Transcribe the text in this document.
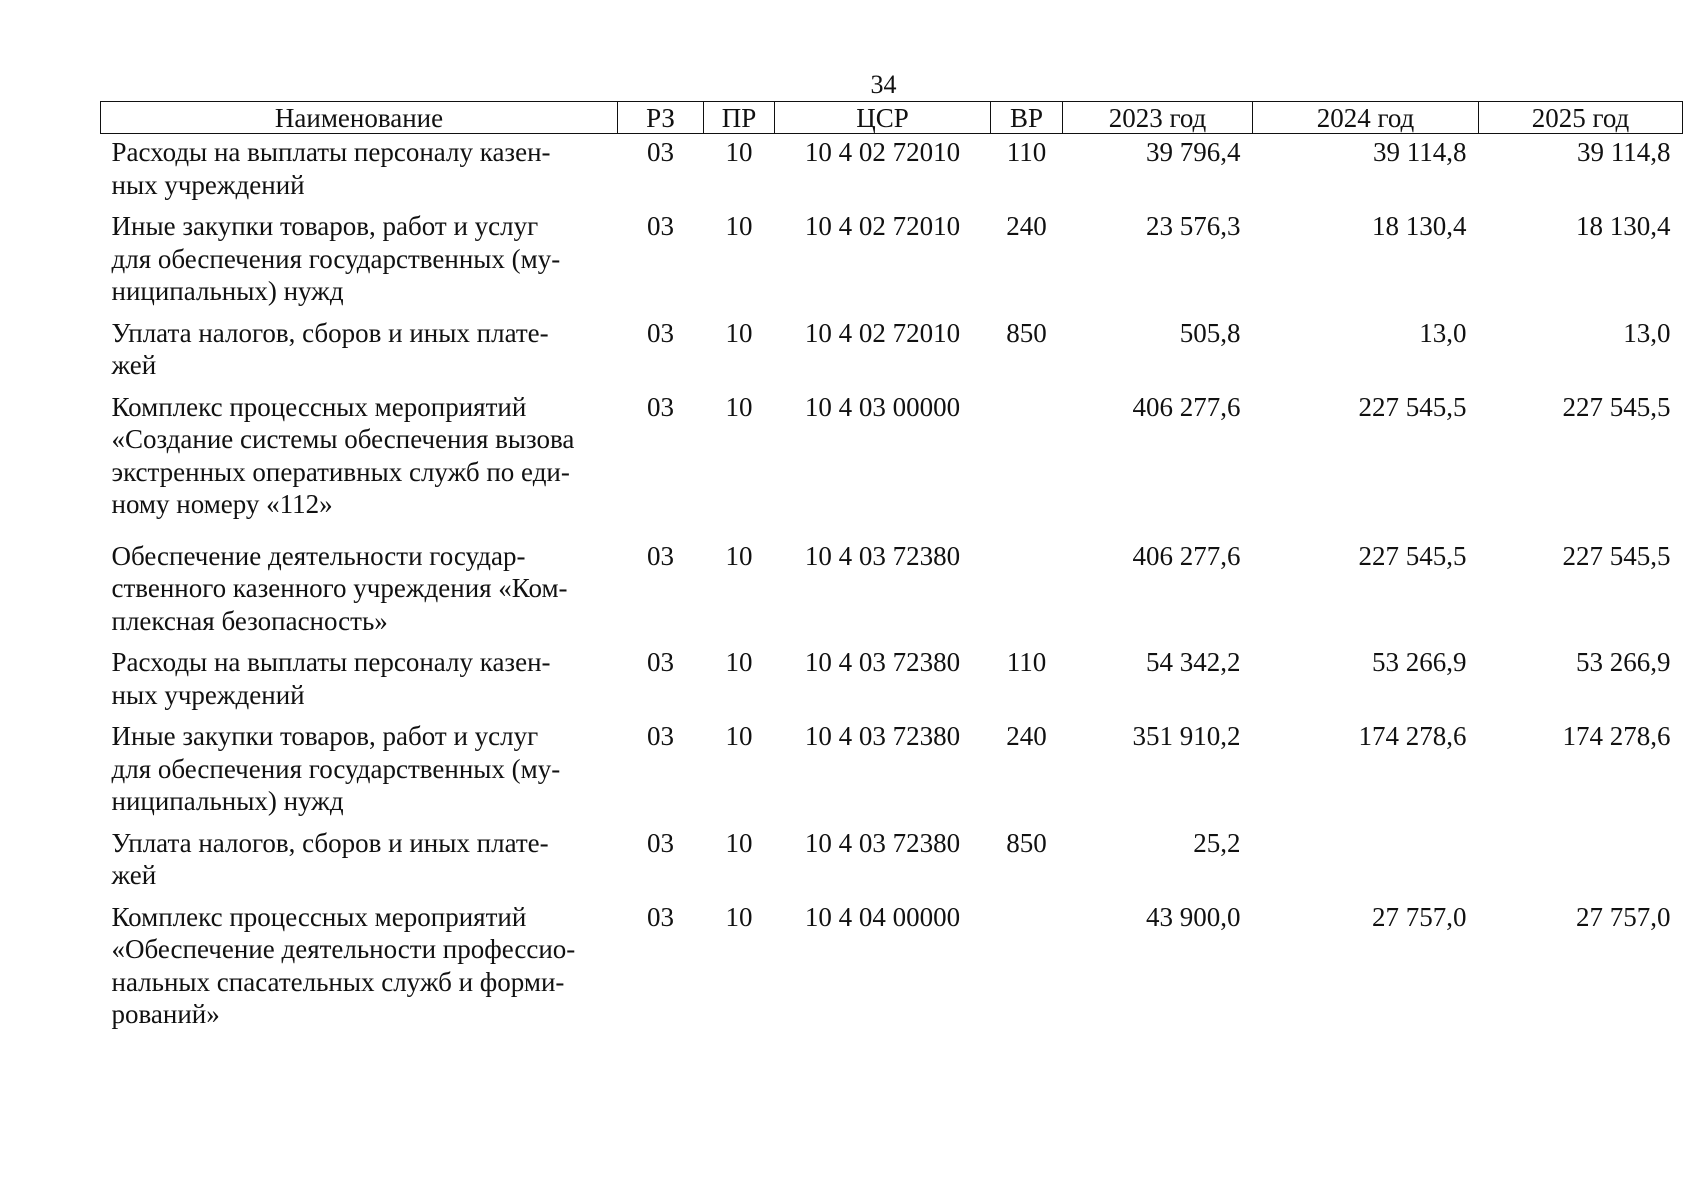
34
Наименование	РЗ	ПР	ЦСР	ВР	2023 год	2024 год	2025 год

Расходы на выплаты персоналу казен-
ных учреждений	03	10	10 4 02 72010	110	39 796,4	39 114,8	39 114,8

Иные закупки товаров, работ и услуг
для обеспечения государственных (му-
ниципальных) нужд	03	10	10 4 02 72010	240	23 576,3	18 130,4	18 130,4

Уплата налогов, сборов и иных плате-
жей	03	10	10 4 02 72010	850	505,8	13,0	13,0

Комплекс процессных мероприятий
«Создание системы обеспечения вызова
экстренных оперативных служб по еди-
ному номеру «112»	03	10	10 4 03 00000		406 277,6	227 545,5	227 545,5

Обеспечение деятельности государ-
ственного казенного учреждения «Ком-
плексная безопасность»	03	10	10 4 03 72380		406 277,6	227 545,5	227 545,5

Расходы на выплаты персоналу казен-
ных учреждений	03	10	10 4 03 72380	110	54 342,2	53 266,9	53 266,9

Иные закупки товаров, работ и услуг
для обеспечения государственных (му-
ниципальных) нужд	03	10	10 4 03 72380	240	351 910,2	174 278,6	174 278,6

Уплата налогов, сборов и иных плате-
жей	03	10	10 4 03 72380	850	25,2		

Комплекс процессных мероприятий
«Обеспечение деятельности профессио-
нальных спасательных служб и форми-
рований»	03	10	10 4 04 00000		43 900,0	27 757,0	27 757,0
